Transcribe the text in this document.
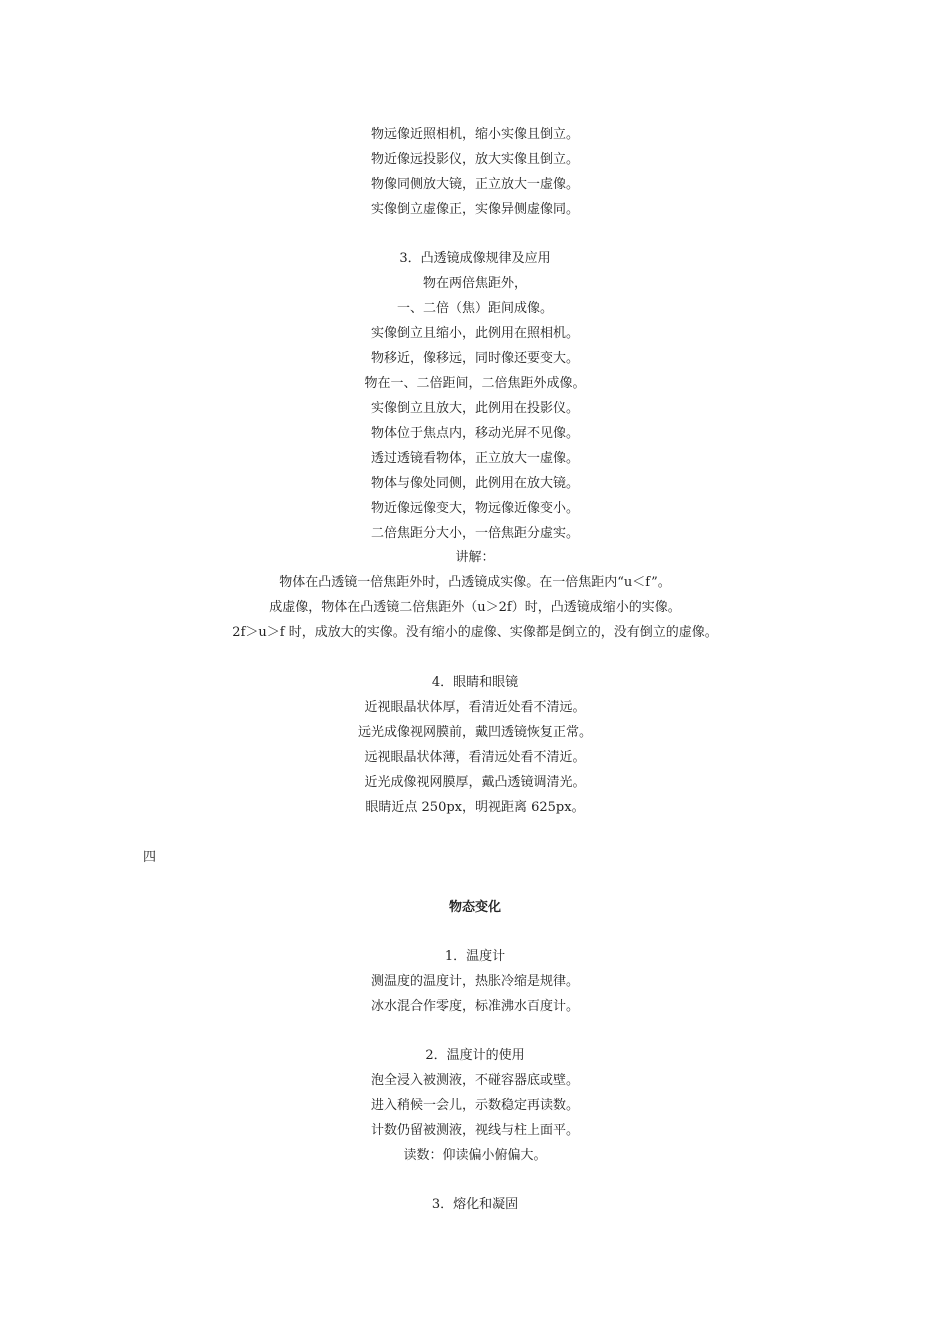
物远像近照相机，缩小实像且倒立。
物近像远投影仪，放大实像且倒立。
物像同侧放大镜，正立放大一虚像。
实像倒立虚像正，实像异侧虚像同。
3．凸透镜成像规律及应用
物在两倍焦距外，
一、二倍（焦）距间成像。
实像倒立且缩小，此例用在照相机。
物移近，像移远，同时像还要变大。
物在一、二倍距间，二倍焦距外成像。
实像倒立且放大，此例用在投影仪。
物体位于焦点内，移动光屏不见像。
透过透镜看物体，正立放大一虚像。
物体与像处同侧，此例用在放大镜。
物近像远像变大，物远像近像变小。
二倍焦距分大小，一倍焦距分虚实。
讲解：
物体在凸透镜一倍焦距外时，凸透镜成实像。在一倍焦距内“u＜f”。
成虚像，物体在凸透镜二倍焦距外（u＞2f）时，凸透镜成缩小的实像。
2f＞u＞f 时，成放大的实像。没有缩小的虚像、实像都是倒立的，没有倒立的虚像。
4．眼睛和眼镜
近视眼晶状体厚，看清近处看不清远。
远光成像视网膜前，戴凹透镜恢复正常。
远视眼晶状体薄，看清远处看不清近。
近光成像视网膜厚，戴凸透镜调清光。
眼睛近点 250px，明视距离 625px。
四
物态变化
1．温度计
测温度的温度计，热胀冷缩是规律。
冰水混合作零度，标准沸水百度计。
2．温度计的使用
泡全浸入被测液，不碰容器底或壁。
进入稍候一会儿，示数稳定再读数。
计数仍留被测液，视线与柱上面平。
读数：仰读偏小俯偏大。
3．熔化和凝固
